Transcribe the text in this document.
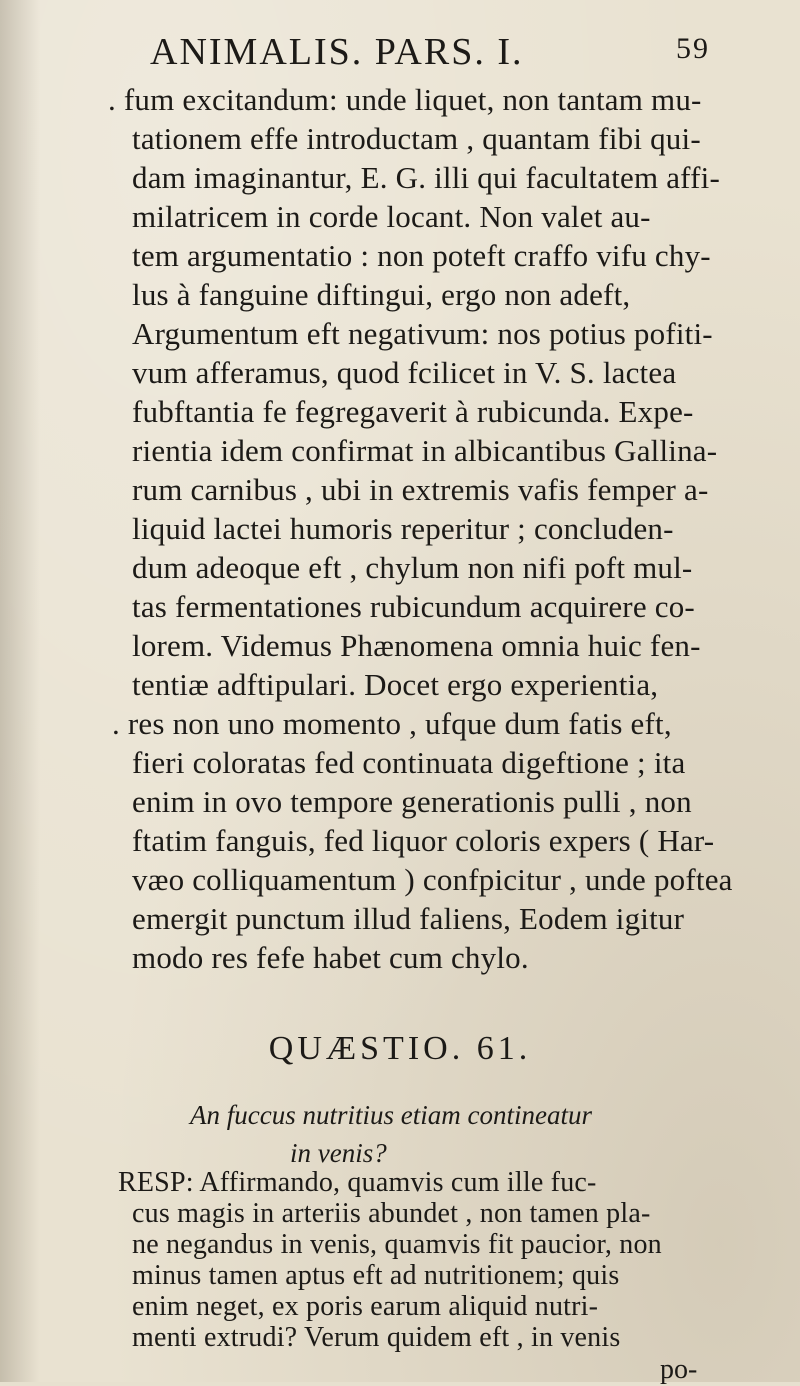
ANIMALIS. PARS. I.	59
. fum excitandum: unde liquet, non tantam mu-
tationem effe introductam , quantam fibi qui-
dam imaginantur, E. G. illi qui facultatem affi-
milatricem in corde locant. Non valet au-
tem argumentatio : non poteft craffo vifu chy-
lus à fanguine diftingui, ergo non adeft,
Argumentum eft negativum: nos potius pofiti-
vum afferamus, quod fcilicet in V. S. lactea
fubftantia fe fegregaverit à rubicunda. Expe-
rientia idem confirmat in albicantibus Gallina-
rum carnibus , ubi in extremis vafis femper a-
liquid lactei humoris reperitur ; concluden-
dum adeoque eft , chylum non nifi poft mul-
tas fermentationes rubicundum acquirere co-
lorem. Videmus Phænomena omnia huic fen-
tentiæ adftipulari. Docet ergo experientia,
. res non uno momento , ufque dum fatis eft,
fieri coloratas fed continuata digeftione ; ita
enim in ovo tempore generationis pulli , non
ftatim fanguis, fed liquor coloris expers ( Har-
væo colliquamentum ) confpicitur , unde poftea
emergit punctum illud faliens, Eodem igitur
modo res fefe habet cum chylo.
QUÆSTIO. 61.
An fuccus nutritius etiam contineatur
in venis?
RESP: Affirmando, quamvis cum ille fuc-
cus magis in arteriis abundet , non tamen pla-
ne negandus in venis, quamvis fit paucior, non
minus tamen aptus eft ad nutritionem; quis
enim neget, ex poris earum aliquid nutri-
menti extrudi? Verum quidem eft , in venis
po-
